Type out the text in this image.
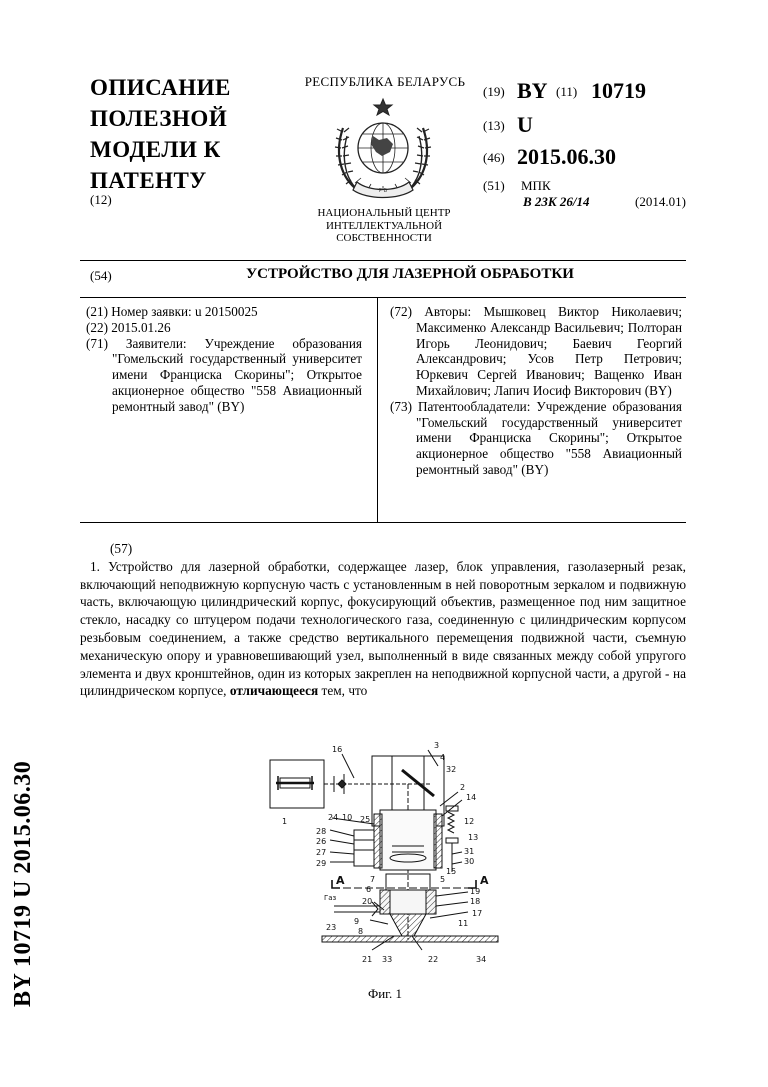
ОПИСАНИЕ
ПОЛЕЗНОЙ
МОДЕЛИ К
ПАТЕНТУ
(12)
РЕСПУБЛИКА БЕЛАРУСЬ
Р Б
НАЦИОНАЛЬНЫЙ ЦЕНТР
ИНТЕЛЛЕКТУАЛЬНОЙ
СОБСТВЕННОСТИ
(19) BY (11) 10719
(13) U
(46) 2015.06.30
(51) МПК
B 23K 26/14	(2014.01)
(54)	УСТРОЙСТВО ДЛЯ ЛАЗЕРНОЙ ОБРАБОТКИ

(21) Номер заявки: u 20150025

(22) 2015.01.26

(71) Заявители: Учреждение образования "Гомельский государственный университет имени Франциска Скорины"; Открытое акционерное общество "558 Авиационный ремонтный завод" (BY)

(72) Авторы: Мышковец Виктор Николаевич; Максименко Александр Васильевич; Полторан Игорь Леонидович; Баевич Георгий Александрович; Усов Петр Петрович; Юркевич Сергей Иванович; Ващенко Иван Михайлович; Лапич Иосиф Викторович (BY)

(73) Патентообладатели: Учреждение образования "Гомельский государственный университет имени Франциска Скорины"; Открытое акционерное общество "558 Авиационный ремонтный завод" (BY)

(57)

1. Устройство для лазерной обработки, содержащее лазер, блок управления, газолазерный резак, включающий неподвижную корпусную часть с установленным в ней поворотным зеркалом и подвижную часть, включающую цилиндрический корпус, фокусирующий объектив, размещенное под ним защитное стекло, насадку со штуцером подачи технологического газа, соединенную с цилиндрическим корпусом резьбовым соединением, а также средство вертикального перемещения подвижной части, съемную механическую опору и уравновешивающий узел, выполненный в виде связанных между собой упругого элемента и двух кронштейнов, один из которых закреплен на неподвижной корпусной части, а другой - на цилиндрическом корпусе, отличающееся тем, что

16	3
4
32
2
14
24 10 25	12
13
28
26
27
29
31
30
1
А	7
6
5	А
15
20
19
18
17
9
23	8
11
21 33	22	34
Газ
Фиг. 1
BY 10719 U 2015.06.30
